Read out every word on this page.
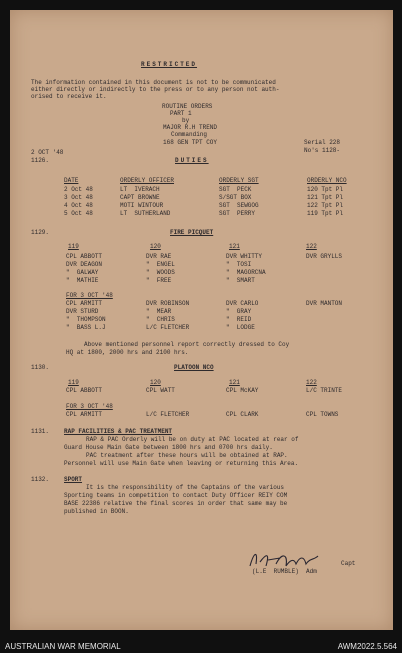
RESTRICTED
The information contained in this document is not to be communicated
either directly or indirectly to the press or to any person not auth-
orised to receive it.
ROUTINE ORDERS
PART 1
by
MAJOR R.H TREND
Commanding
168 GEN TPT COY
2 OCT '48
Serial 228
No's 1128-
1126.	DUTIES
DATE	ORDERLY OFFICER	ORDERLY SGT	ORDERLY NCO
2 Oct 48	LT  IVERACH	SGT  PECK	120 Tpt Pl
3 Oct 48	CAPT BROWNE	S/SGT BOX	121 Tpt Pl
4 Oct 48	MOTI WINTOUR	SGT  SEWGOG	122 Tpt Pl
5 Oct 48	LT  SUTHERLAND	SGT  PERRY	119 Tpt Pl
1129.	FIRE PICQUET
119	120	121	122
CPL ABBOTT	DVR RAE	DVR WHITTY	DVR GRYLLS
DVR DEAGON	"  ENGEL	"  TOSI
"  GALWAY	"  WOODS	"  MAGORCNA
"  MATHIE	"  FREE	"  SMART
FOR 3 OCT '48
CPL ARMITT	DVR ROBINSON	DVR CARLO	DVR MANTON
DVR STURD	"  MEAR	"  GRAY
"  THOMPSON	"  CHRIS	"  REID
"  BASS L.J	L/C FLETCHER	"  LODGE
Above mentioned personnel report correctly dressed to Coy
HQ at 1800, 2000 hrs and 2100 hrs.
1130.	PLATOON NCO
119	120	121	122
CPL ABBOTT	CPL WATT	CPL McKAY	L/C TRINTE
FOR 3 OCT '48
CPL ARMITT	L/C FLETCHER	CPL CLARK	CPL TOWNS
1131. RAP FACILITIES & PAC TREATMENT
RAP & PAC Orderly will be on duty at PAC located at rear of
Guard House Main Gate between 1800 hrs and 0700 hrs daily.
PAC treatment after these hours will be obtained at RAP.
Personnel will use Main Gate when leaving or returning this Area.
1132. SPORT
It is the responsibility of the Captains of the various
Sporting teams in competition to contact Duty Officer REIY COM
BASE 22386 relative the final scores in order that same may be
published in BOON.
Capt
(L.E  RUMBLE)  Adm
AUSTRALIAN WAR MEMORIAL	AWM2022.5.564
